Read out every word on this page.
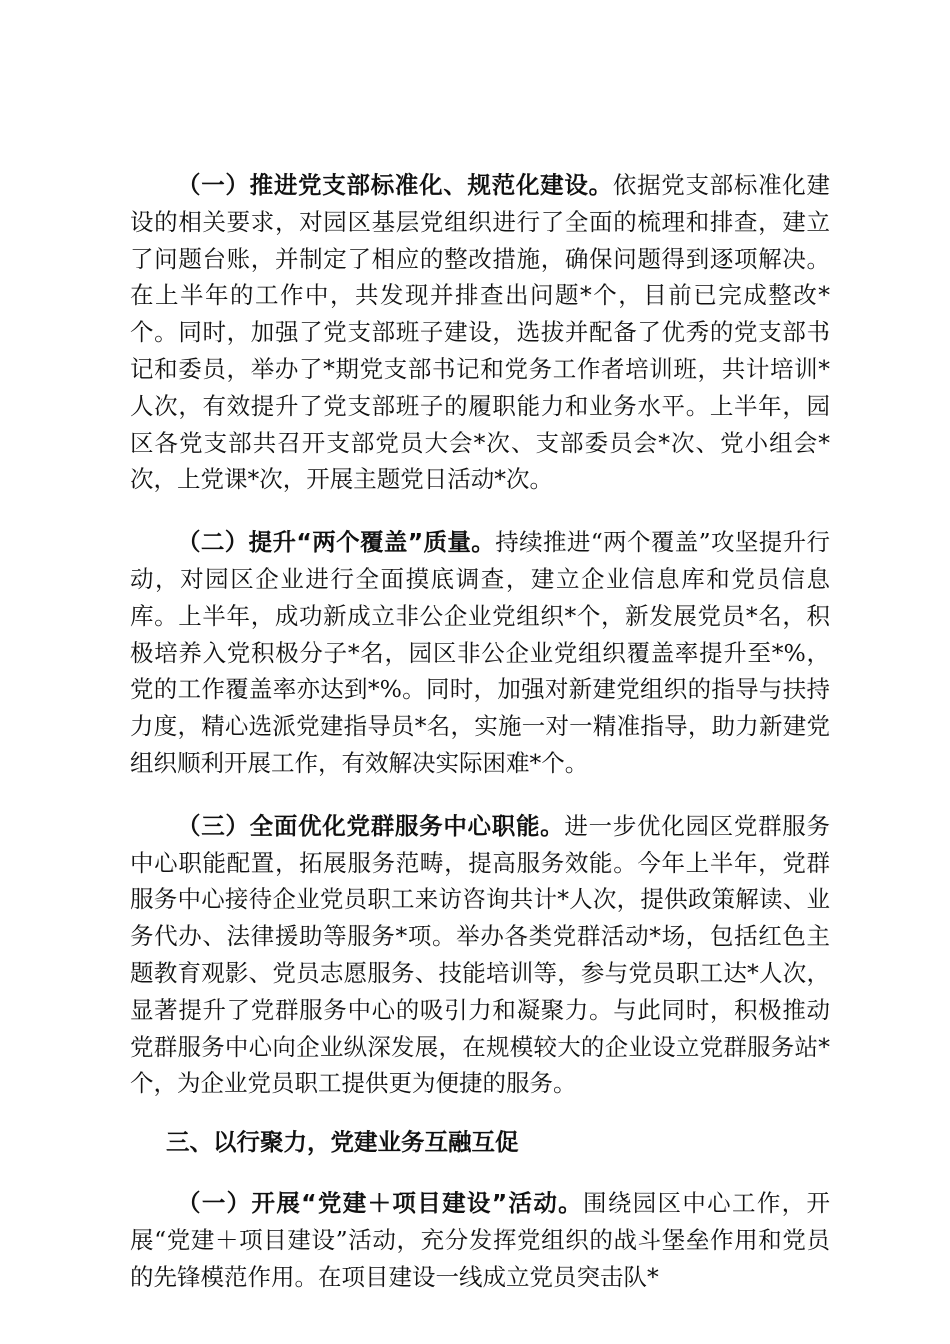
（一）推进党支部标准化、规范化建设。依据党支部标准化建设的相关要求，对园区基层党组织进行了全面的梳理和排查，建立了问题台账，并制定了相应的整改措施，确保问题得到逐项解决。在上半年的工作中，共发现并排查出问题*个，目前已完成整改*个。同时，加强了党支部班子建设，选拔并配备了优秀的党支部书记和委员，举办了*期党支部书记和党务工作者培训班，共计培训*人次，有效提升了党支部班子的履职能力和业务水平。上半年，园区各党支部共召开支部党员大会*次、支部委员会*次、党小组会*次，上党课*次，开展主题党日活动*次。

（二）提升“两个覆盖”质量。持续推进“两个覆盖”攻坚提升行动，对园区企业进行全面摸底调查，建立企业信息库和党员信息库。上半年，成功新成立非公企业党组织*个，新发展党员*名，积极培养入党积极分子*名，园区非公企业党组织覆盖率提升至*%，党的工作覆盖率亦达到*%。同时，加强对新建党组织的指导与扶持力度，精心选派党建指导员*名，实施一对一精准指导，助力新建党组织顺利开展工作，有效解决实际困难*个。

（三）全面优化党群服务中心职能。进一步优化园区党群服务中心职能配置，拓展服务范畴，提高服务效能。今年上半年，党群服务中心接待企业党员职工来访咨询共计*人次，提供政策解读、业务代办、法律援助等服务*项。举办各类党群活动*场，包括红色主题教育观影、党员志愿服务、技能培训等，参与党员职工达*人次，显著提升了党群服务中心的吸引力和凝聚力。与此同时，积极推动党群服务中心向企业纵深发展，在规模较大的企业设立党群服务站*个，为企业党员职工提供更为便捷的服务。

三、以行聚力，党建业务互融互促

（一）开展“党建＋项目建设”活动。围绕园区中心工作，开展“党建＋项目建设”活动，充分发挥党组织的战斗堡垒作用和党员的先锋模范作用。在项目建设一线成立党员突击队*
